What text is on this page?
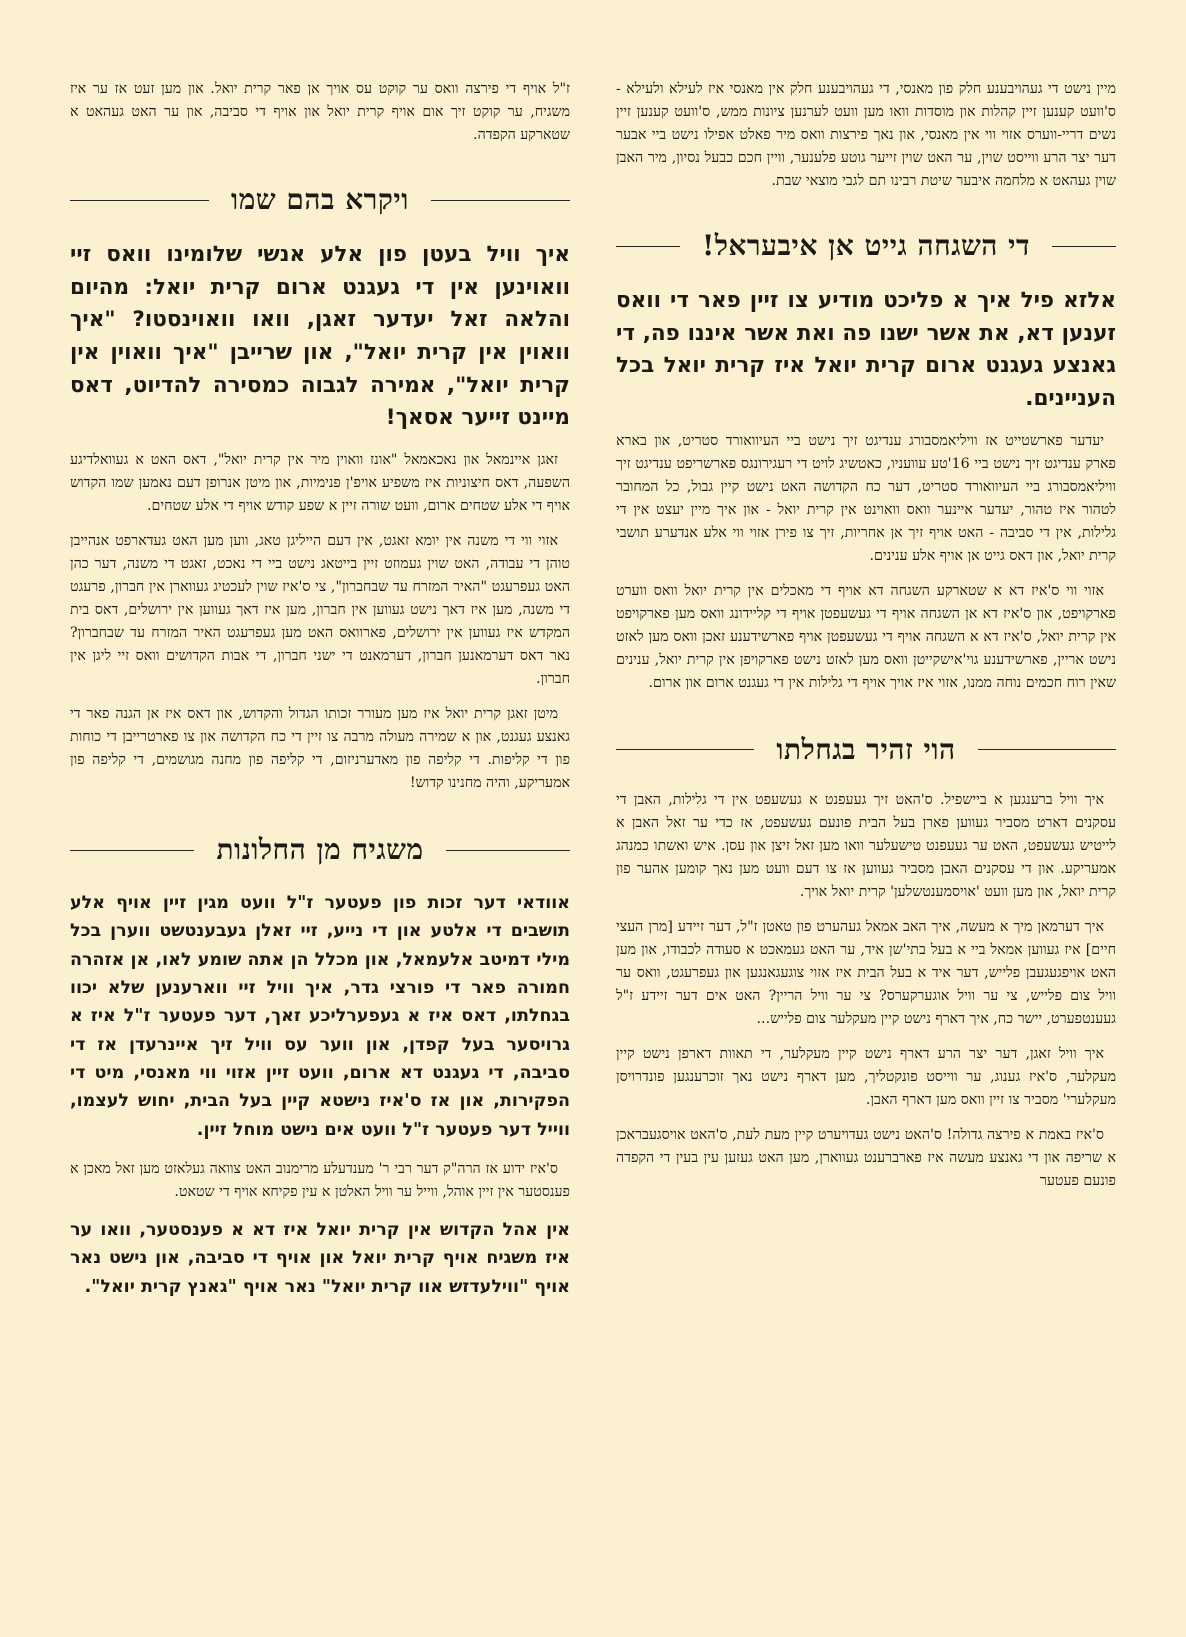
מיין נישט די געהויבענע חלק פון מאנסי, די געהויבענע חלק אין מאנסי איז לעילא ולעילא - ס'וועט קענען זיין קהלות און מוסדות וואו מען וועט לערנען ציונות ממש, ס'וועט קענען זיין נשים דריי-ווערס אזוי ווי אין מאנסי, און נאך פירצות וואס מיר פאלט אפילו נישט ביי אבער דער יצר הרע ווייסט שוין, ער האט שוין זייער גוטע פלענער, וויין חכם כבעל נסיון, מיר האבן שוין געהאט א מלחמה איבער שיטת רבינו תם לגבי מוצאי שבת.

די השגחה גייט אן איבעראל!

אלזא פיל איך א פליכט מודיע צו זיין פאר די וואס זענען דא, את אשר ישנו פה ואת אשר איננו פה, די גאנצע געגנט ארום קרית יואל איז קרית יואל בכל העניינים.

יעדער פארשטייט אז וויליאמסבורג ענדיגט זיך נישט ביי העיוואורד סטריט, און בארא פארק ענדיגט זיך נישט ביי 16'טע עוועניו, כאטשיג לויט די רעגירונגס פארשריפט ענדיגט זיך וויליאמסבורג ביי העיוואורד סטריט, דער כח הקדושה האט נישט קיין גבול, כל המחובר לטהור איז טהור, יעדער איינער וואס וואוינט אין קרית יואל - און איך מיין יעצט אין די גלילות, אין די סביבה - האט אויף זיך אן אחריות, זיך צו פירן אזוי ווי אלע אנדערע תושבי קרית יואל, און דאס גייט אן אויף אלע ענינים.

אזוי ווי ס'איז דא א שטארקע השגחה דא אויף די מאכלים אין קרית יואל וואס ווערט פארקויפט, און ס'איז דא אן השגחה אויף די געשעפטן אויף די קליידונג וואס מען פארקויפט אין קרית יואל, ס'איז דא א השגחה אויף די געשעפטן אויף פארשידענע זאכן וואס מען לאזט נישט אריין, פארשידענע גוי'אישקייטן וואס מען לאזט נישט פארקויפן אין קרית יואל, ענינים שאין רוח חכמים נוחה ממנו, אזוי איז אויך אויף די גלילות אין די געגנט ארום און ארום.

הוי זהיר בגחלתו

איך וויל ברענגען א ביישפיל. ס'האט זיך געעפנט א געשעפט אין די גלילות, האבן די עסקנים דארט מסביר געווען פארן בעל הבית פונעם געשעפט, אז כדי ער זאל האבן א לייטיש געשעפט, האט ער געעפנט טישעלער וואו מען זאל זיצן און עסן. איש ואשתו כמנהג אמעריקע. און די עסקנים האבן מסביר געווען אז צו דעם וועט מען נאך קומען אהער פון קרית יואל, און מען וועט 'אויסמענטשלען' קרית יואל אויך.

איך דערמאן מיך א מעשה, איך האב אמאל געהערט פון טאטן ז"ל, דער זיידע [מרן העצי חיים] איז געווען אמאל ביי א בעל בתי'שן איד, ער האט געמאכט א סעודה לכבודו, און מען האט אויפגעגעבן פלייש, דער איד א בעל הבית איז אזוי צוגעגאנגען און געפרעגט, וואס ער וויל צום פלייש, צי ער וויל אוגערקערס? צי ער וויל הריין? האט אים דער זיידע ז"ל געענטפערט, יישר כח, איך דארף נישט קיין מעקלער צום פלייש...

איך וויל זאגן, דער יצר הרע דארף נישט קיין מעקלער, די תאוות דארפן נישט קיין מעקלער, ס'איז גענוג, ער ווייסט פונקטליך, מען דארף נישט נאך זוכרענגען פונדרויסן מעקלערי' מסביר צו זיין וואס מען דארף האבן.

ס'איז באמת א פירצה גדולה! ס'האט נישט געדויערט קיין מעת לעת, ס'האט אויסגעבראכן א שריפה און די גאנצע מעשה איז פארברענט געווארן, מען האט געזען עין בעין די הקפדה פונעם פעטער

ז"ל אויף די פירצה וואס ער קוקט עס אויך אן פאר קרית יואל. און מען זעט אז ער איז משגיח, ער קוקט זיך אום אויף קרית יואל און אויף די סביבה, און ער האט געהאט א שטארקע הקפדה.

ויקרא בהם שמו

איך וויל בעטן פון אלע אנשי שלומינו וואס זיי וואוינען אין די געגנט ארום קרית יואל: מהיום והלאה זאל יעדער זאגן, וואו וואוינסטו? "איך וואוין אין קרית יואל", און שרייבן "איך וואוין אין קרית יואל", אמירה לגבוה כמסירה להדיוט, דאס מיינט זייער אסאך!

זאגן איינמאל און נאכאמאל "אונז וואוין מיר אין קרית יואל", דאס האט א געוואלדיגע השפעה, דאס חיצוניות איז משפיע אויפ'ן פנימיות, און מיטן אנרופן דעם נאמען שמו הקדוש אויף די אלע שטחים ארום, וועט שורה זיין א שפע קודש אויף די אלע שטחים.

אזוי ווי די משנה אין יומא זאגט, אין דעם הייליגן טאג, ווען מען האט געדארפט אנהייבן טוהן די עבודה, האט שוין געמוזט זיין בייטאג נישט ביי די נאכט, זאגט די משנה, דער כהן האט געפרעגט "האיר המזרח עד שבחברון", צי ס'איז שוין לעכטיג געווארן אין חברון, פרעגט די משנה, מען איז דאך נישט געווען אין חברון, מען איז דאך געווען אין ירושלים, דאס בית המקדש איז געווען אין ירושלים, פארוואס האט מען געפרעגט האיר המזרח עד שבחברון? נאר דאס דערמאנען חברון, דערמאנט די ישני חברון, די אבות הקדושים וואס זיי ליגן אין חברון.

מיטן זאגן קרית יואל איז מען מעורר זכותו הגדול והקדוש, און דאס איז אן הגנה פאר די גאנצע געגנט, און א שמירה מעולה מרבה צו זיין די כח הקדושה און צו פארטרייבן די כוחות פון די קליפות. די קליפה פון מאדערניזום, די קליפה פון מחנה מגושמים, די קליפה פון אמעריקע, והיה מחנינו קדוש!

משגיח מן החלונות

אוודאי דער זכות פון פעטער ז"ל וועט מגין זיין אויף אלע תושבים די אלטע און די נייע, זיי זאלן געבענטשט ווערן בכל מילי דמיטב אלעמאל, און מכלל הן אתה שומע לאו, אן אזהרה חמורה פאר די פורצי גדר, איך וויל זיי ווארענען שלא יכוו בגחלתו, דאס איז א געפערליכע זאך, דער פעטער ז"ל איז א גרויסער בעל קפדן, און ווער עס וויל זיך איינרעדן אז די סביבה, די געגנט דא ארום, וועט זיין אזוי ווי מאנסי, מיט די הפקירות, און אז ס'איז נישטא קיין בעל הבית, יחוש לעצמו, ווייל דער פעטער ז"ל וועט אים נישט מוחל זיין.

ס'איז ידוע אז הרה"ק דער רבי ר' מענדעלע מרימנוב האט צוואה געלאזט מען זאל מאכן א פענסטער אין זיין אוהל, ווייל ער וויל האלטן א עין פקיחא אויף די שטאט.

אין אהל הקדוש אין קרית יואל איז דא א פענסטער, וואו ער איז משגיח אויף קרית יואל און אויף די סביבה, און נישט נאר אויף "ווילעדזש אוו קרית יואל" נאר אויף "גאנץ קרית יואל".
